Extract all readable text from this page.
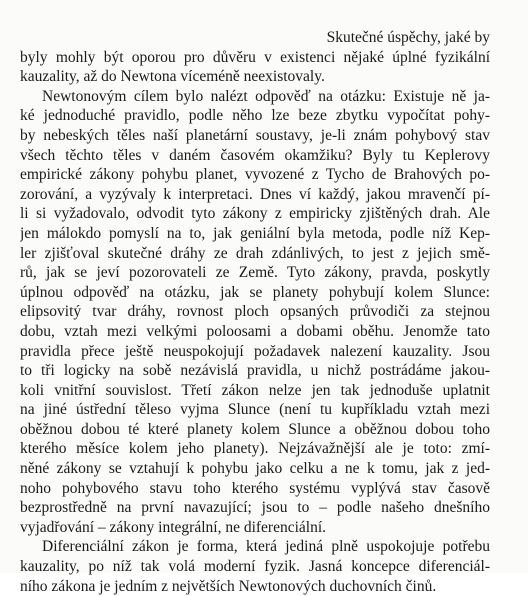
Skutečné úspěchy, jaké by
byly mohly být oporou pro důvěru v existenci nějaké úplné fyzikální
kauzality, až do Newtona víceméně neexistovaly.
Newtonovým cílem bylo nalézt odpověď na otázku: Existuje ně ja-
ké jednoduché pravidlo, podle něho lze beze zbytku vypočítat pohy-
by nebeských těles naší planetární soustavy, je-li znám pohybový stav
všech těchto těles v daném časovém okamžiku? Byly tu Keplerovy
empirické zákony pohybu planet, vyvozené z Tycho de Brahových po-
zorování, a vyzývaly k interpretaci. Dnes ví každý, jakou mravenčí pí-
li si vyžadovalo, odvodit tyto zákony z empiricky zjištěných drah. Ale
jen málokdo pomyslí na to, jak geniální byla metoda, podle níž Kep-
ler zjišťoval skutečné dráhy ze drah zdánlivých, to jest z jejich smě-
rů, jak se jeví pozorovateli ze Země. Tyto zákony, pravda, poskytly
úplnou odpověď na otázku, jak se planety pohybují kolem Slunce:
elipsovitý tvar dráhy, rovnost ploch opsaných průvodiči za stejnou
dobu, vztah mezi velkými poloosami a dobami oběhu. Jenomže tato
pravidla přece ještě neuspokojují požadavek nalezení kauzality. Jsou
to tři logicky na sobě nezávislá pravidla, u nichž postrádáme jakou-
koli vnitřní souvislost. Třetí zákon nelze jen tak jednoduše uplatnit
na jiné ústřední těleso vyjma Slunce (není tu kupříkladu vztah mezi
oběžnou dobou té které planety kolem Slunce a oběžnou dobou toho
kterého měsíce kolem jeho planety). Nejzávažnější ale je toto: zmí-
něné zákony se vztahují k pohybu jako celku a ne k tomu, jak z jed-
noho pohybového stavu toho kterého systému vyplývá stav časově
bezprostředně na první navazující; jsou to – podle našeho dnešního
vyjadřování – zákony integrální, ne diferenciální.
Diferenciální zákon je forma, která jediná plně uspokojuje potřebu
kauzality, po níž tak volá moderní fyzik. Jasná koncepce diferenciál-
ního zákona je jedním z největších Newtonových duchovních činů.
